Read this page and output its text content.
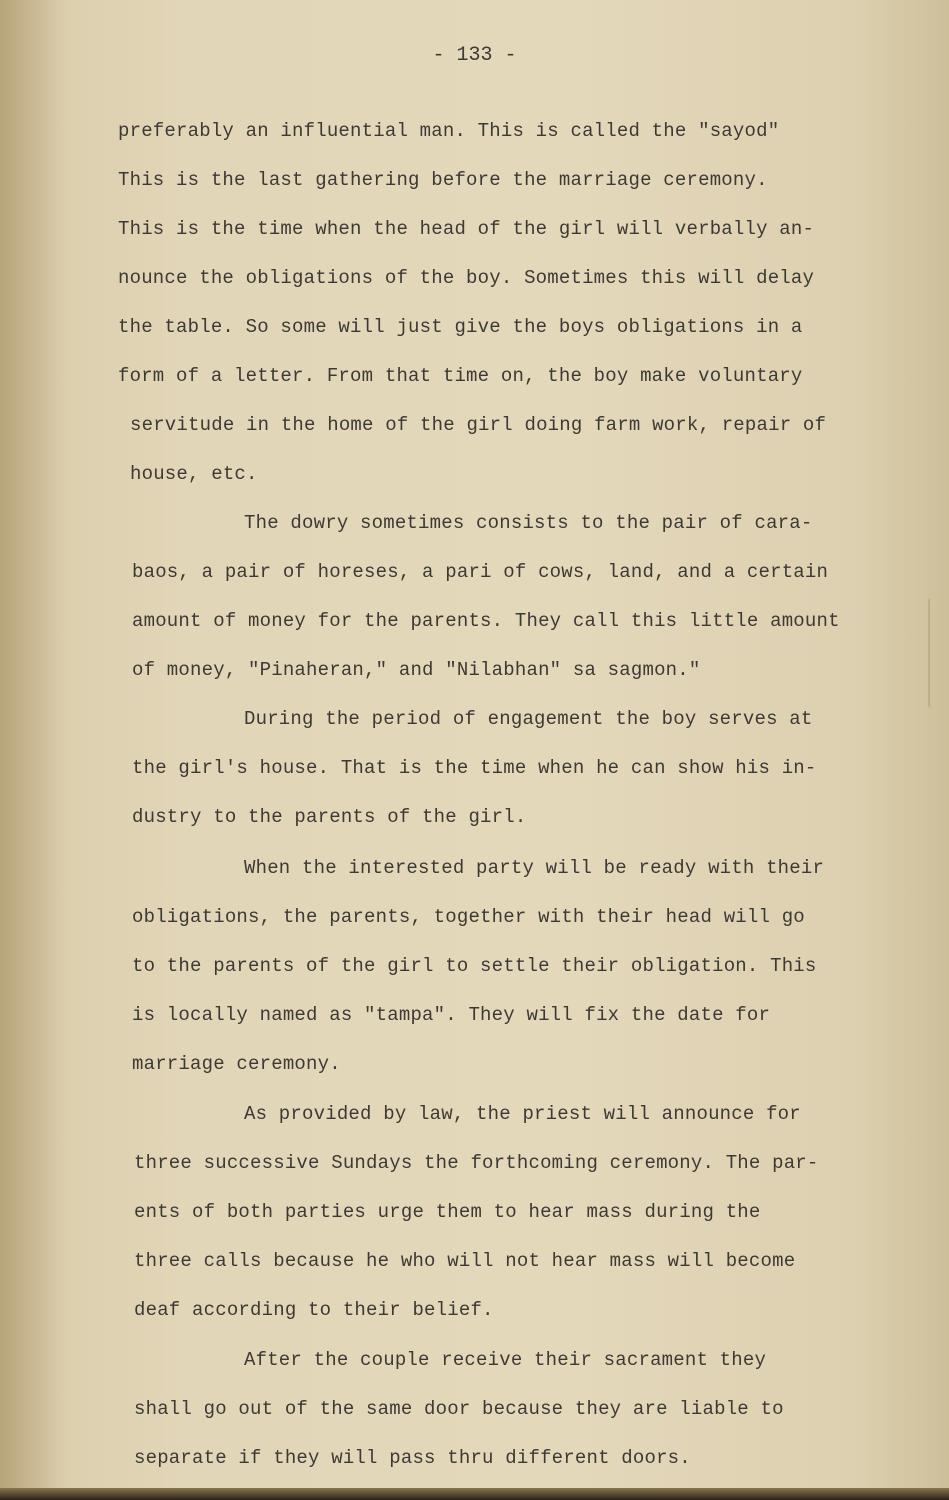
- 133 -
preferably an influential man. This is called the "sayod"
This is the last gathering before the marriage ceremony.
This is the time when the head of the girl will verbally an-
nounce the obligations of the boy. Sometimes this will delay
the table. So some will just give the boys obligations in a
form of a letter. From that time on, the boy make voluntary
servitude in the home of the girl doing farm work, repair of
house, etc.
The dowry sometimes consists to the pair of cara-
baos, a pair of horeses, a pari of cows, land, and a certain
amount of money for the parents. They call this little amount
of money, "Pinaheran," and "Nilabhan" sa sagmon."
During the period of engagement the boy serves at
the girl's house. That is the time when he can show his in-
dustry to the parents of the girl.
When the interested party will be ready with their
obligations, the parents, together with their head will go
to the parents of the girl to settle their obligation. This
is locally named as "tampa". They will fix the date for
marriage ceremony.
As provided by law, the priest will announce for
three successive Sundays the forthcoming ceremony. The par-
ents of both parties urge them to hear mass during the
three calls because he who will not hear mass will become
deaf according to their belief.
After the couple receive their sacrament they
shall go out of the same door because they are liable to
separate if they will pass thru different doors.
